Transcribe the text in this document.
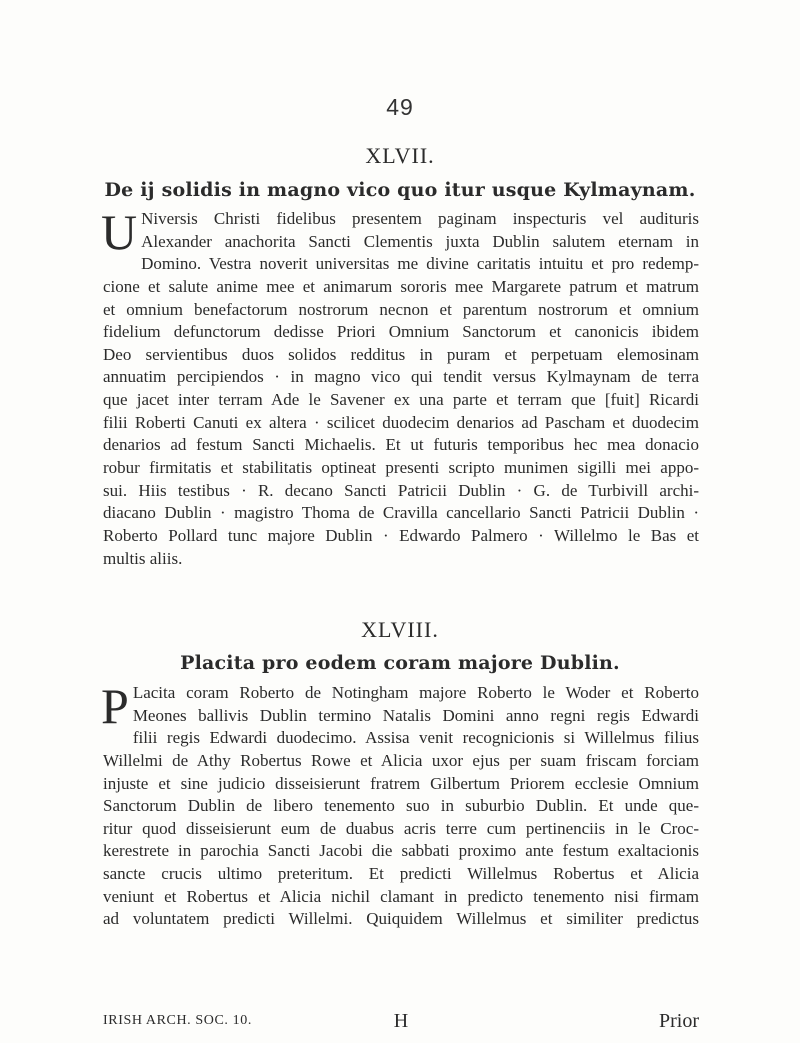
49
XLVII.
De ij solidis in magno vico quo itur usque Kylmaynam.
U Niversis Christi fidelibus presentem paginam inspecturis vel audituris
Alexander anachorita Sancti Clementis juxta Dublin salutem eternam in
Domino. Vestra noverit universitas me divine caritatis intuitu et pro redemp-
cione et salute anime mee et animarum sororis mee Margarete patrum et matrum
et omnium benefactorum nostrorum necnon et parentum nostrorum et omnium
fidelium defunctorum dedisse Priori Omnium Sanctorum et canonicis ibidem
Deo servientibus duos solidos redditus in puram et perpetuam elemosinam
annuatim percipiendos · in magno vico qui tendit versus Kylmaynam de terra
que jacet inter terram Ade le Savener ex una parte et terram que [fuit] Ricardi
filii Roberti Canuti ex altera · scilicet duodecim denarios ad Pascham et duodecim
denarios ad festum Sancti Michaelis. Et ut futuris temporibus hec mea donacio
robur firmitatis et stabilitatis optineat presenti scripto munimen sigilli mei appo-
sui. Hiis testibus · R. decano Sancti Patricii Dublin · G. de Turbivill archi-
diacano Dublin · magistro Thoma de Cravilla cancellario Sancti Patricii Dublin ·
Roberto Pollard tunc majore Dublin · Edwardo Palmero · Willelmo le Bas et
multis aliis.
XLVIII.
Placita pro eodem coram majore Dublin.
P Lacita coram Roberto de Notingham majore Roberto le Woder et Roberto
Meones ballivis Dublin termino Natalis Domini anno regni regis Edwardi
filii regis Edwardi duodecimo. Assisa venit recognicionis si Willelmus filius
Willelmi de Athy Robertus Rowe et Alicia uxor ejus per suam friscam forciam
injuste et sine judicio disseisierunt fratrem Gilbertum Priorem ecclesie Omnium
Sanctorum Dublin de libero tenemento suo in suburbio Dublin. Et unde que-
ritur quod disseisierunt eum de duabus acris terre cum pertinenciis in le Croc-
kerestrete in parochia Sancti Jacobi die sabbati proximo ante festum exaltacionis
sancte crucis ultimo preteritum. Et predicti Willelmus Robertus et Alicia
veniunt et Robertus et Alicia nichil clamant in predicto tenemento nisi firmam
ad voluntatem predicti Willelmi. Quiquidem Willelmus et similiter predictus
IRISH ARCH. SOC. 10.	H	Prior
